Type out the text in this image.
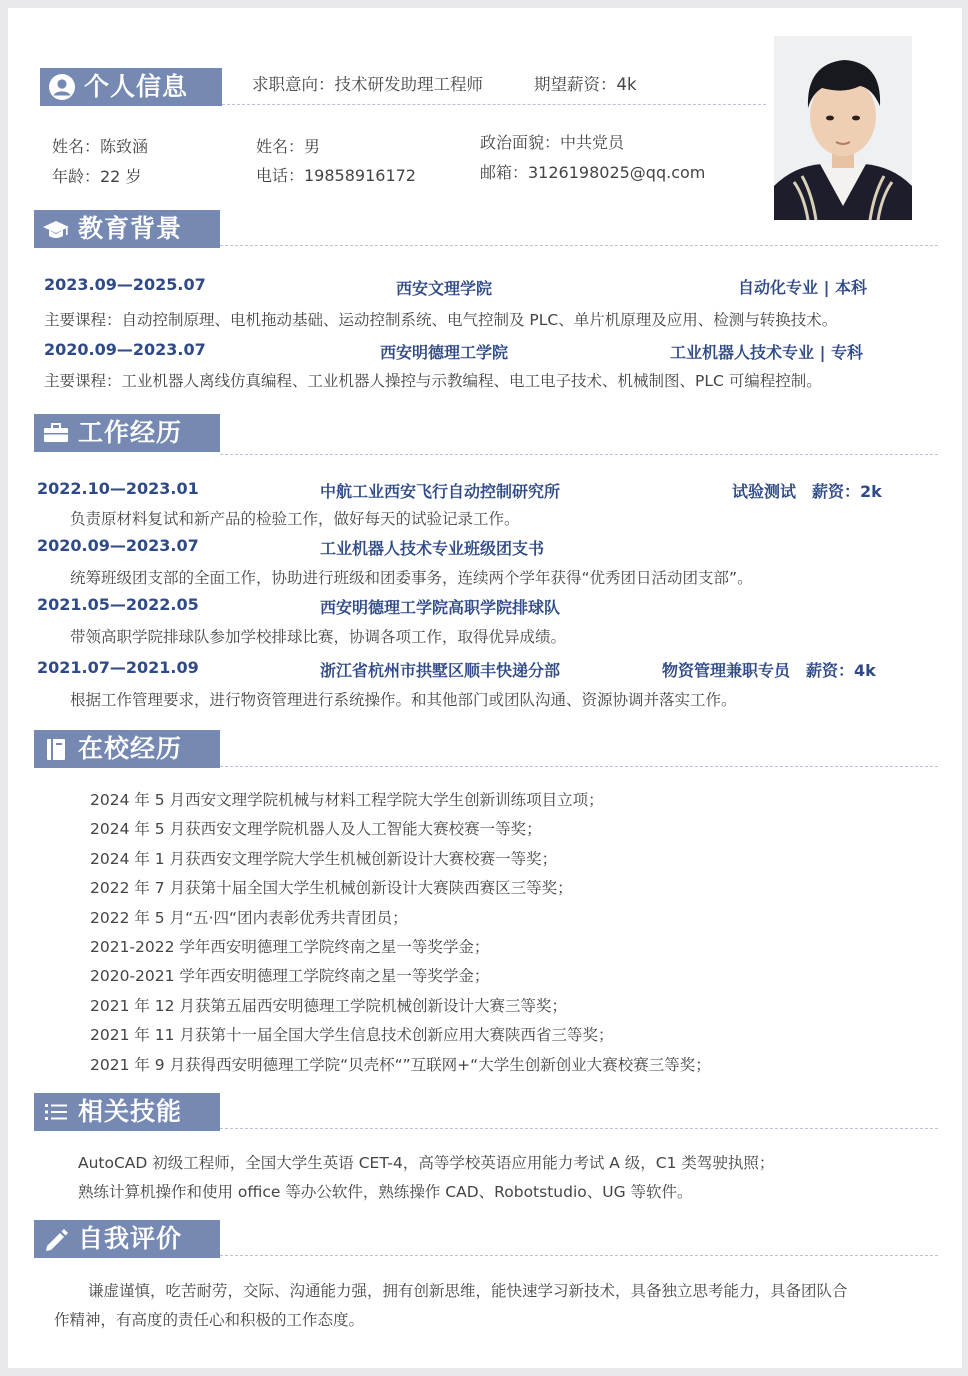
个人信息	求职意向：技术研发助理工程师	期望薪资：4k
姓名：陈致涵	姓名：男	政治面貌：中共党员
年龄：22 岁	电话：19858916172	邮箱：3126198025@qq.com
教育背景
2023.09—2025.07	西安文理学院	自动化专业 | 本科
主要课程：自动控制原理、电机拖动基础、运动控制系统、电气控制及 PLC、单片机原理及应用、检测与转换技术。
2020.09—2023.07	西安明德理工学院	工业机器人技术专业 | 专科
主要课程：工业机器人离线仿真编程、工业机器人操控与示教编程、电工电子技术、机械制图、PLC 可编程控制。
工作经历
2022.10—2023.01	中航工业西安飞行自动控制研究所	试验测试　薪资：2k
负责原材料复试和新产品的检验工作，做好每天的试验记录工作。
2020.09—2023.07	工业机器人技术专业班级团支书
统筹班级团支部的全面工作，协助进行班级和团委事务，连续两个学年获得“优秀团日活动团支部”。
2021.05—2022.05	西安明德理工学院高职学院排球队
带领高职学院排球队参加学校排球比赛，协调各项工作，取得优异成绩。
2021.07—2021.09	浙江省杭州市拱墅区顺丰快递分部	物资管理兼职专员　薪资：4k
根据工作管理要求，进行物资管理进行系统操作。和其他部门或团队沟通、资源协调并落实工作。
在校经历
2024 年 5 月西安文理学院机械与材料工程学院大学生创新训练项目立项；
2024 年 5 月获西安文理学院机器人及人工智能大赛校赛一等奖；
2024 年 1 月获西安文理学院大学生机械创新设计大赛校赛一等奖；
2022 年 7 月获第十届全国大学生机械创新设计大赛陕西赛区三等奖；
2022 年 5 月“五·四“团内表彰优秀共青团员；
2021-2022 学年西安明德理工学院终南之星一等奖学金；
2020-2021 学年西安明德理工学院终南之星一等奖学金；
2021 年 12 月获第五届西安明德理工学院机械创新设计大赛三等奖；
2021 年 11 月获第十一届全国大学生信息技术创新应用大赛陕西省三等奖；
2021 年 9 月获得西安明德理工学院“贝壳杯“”互联网+“大学生创新创业大赛校赛三等奖；
相关技能
AutoCAD 初级工程师，全国大学生英语 CET-4，高等学校英语应用能力考试 A 级，C1 类驾驶执照；
熟练计算机操作和使用 office 等办公软件，熟练操作 CAD、Robotstudio、UG 等软件。
自我评价
谦虚谨慎，吃苦耐劳，交际、沟通能力强，拥有创新思维，能快速学习新技术，具备独立思考能力，具备团队合
作精神，有高度的责任心和积极的工作态度。
